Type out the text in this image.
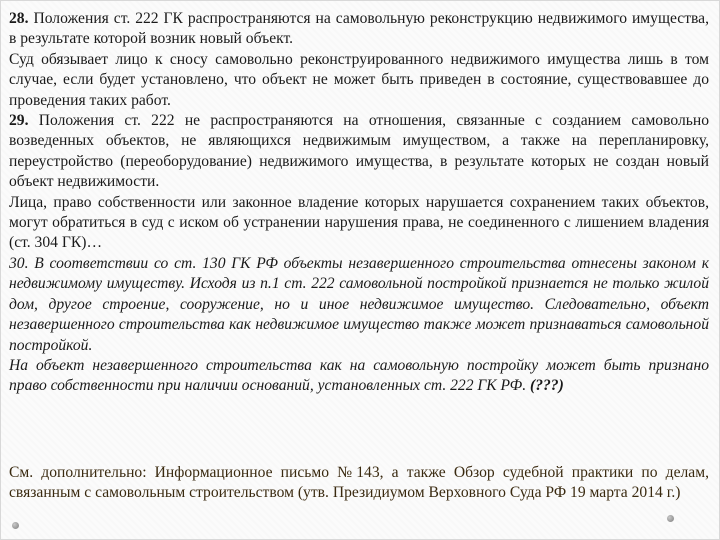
28. Положения ст. 222 ГК распространяются на самовольную реконструкцию недвижимого имущества, в результате которой возник новый объект.

Суд обязывает лицо к сносу самовольно реконструированного недвижимого имущества лишь в том случае, если будет установлено, что объект не может быть приведен в состояние, существовавшее до проведения таких работ.

29. Положения ст. 222 не распространяются на отношения, связанные с созданием самовольно возведенных объектов, не являющихся недвижимым имуществом, а также на перепланировку, переустройство (переоборудование) недвижимого имущества, в результате которых не создан новый объект недвижимости.

Лица, право собственности или законное владение которых нарушается сохранением таких объектов, могут обратиться в суд с иском об устранении нарушения права, не соединенного с лишением владения (ст. 304 ГК)…

30. В соответствии со ст. 130 ГК РФ объекты незавершенного строительства отнесены законом к недвижимому имуществу. Исходя из п.1 ст. 222 самовольной постройкой признается не только жилой дом, другое строение, сооружение, но и иное недвижимое имущество. Следовательно, объект незавершенного строительства как недвижимое имущество также может признаваться самовольной постройкой.

На объект незавершенного строительства как на самовольную постройку может быть признано право собственности при наличии оснований, установленных ст. 222 ГК РФ. (???)

См. дополнительно: Информационное письмо №143, а также Обзор судебной практики по делам, связанным с самовольным строительством (утв. Президиумом Верховного Суда РФ 19 марта 2014 г.)
